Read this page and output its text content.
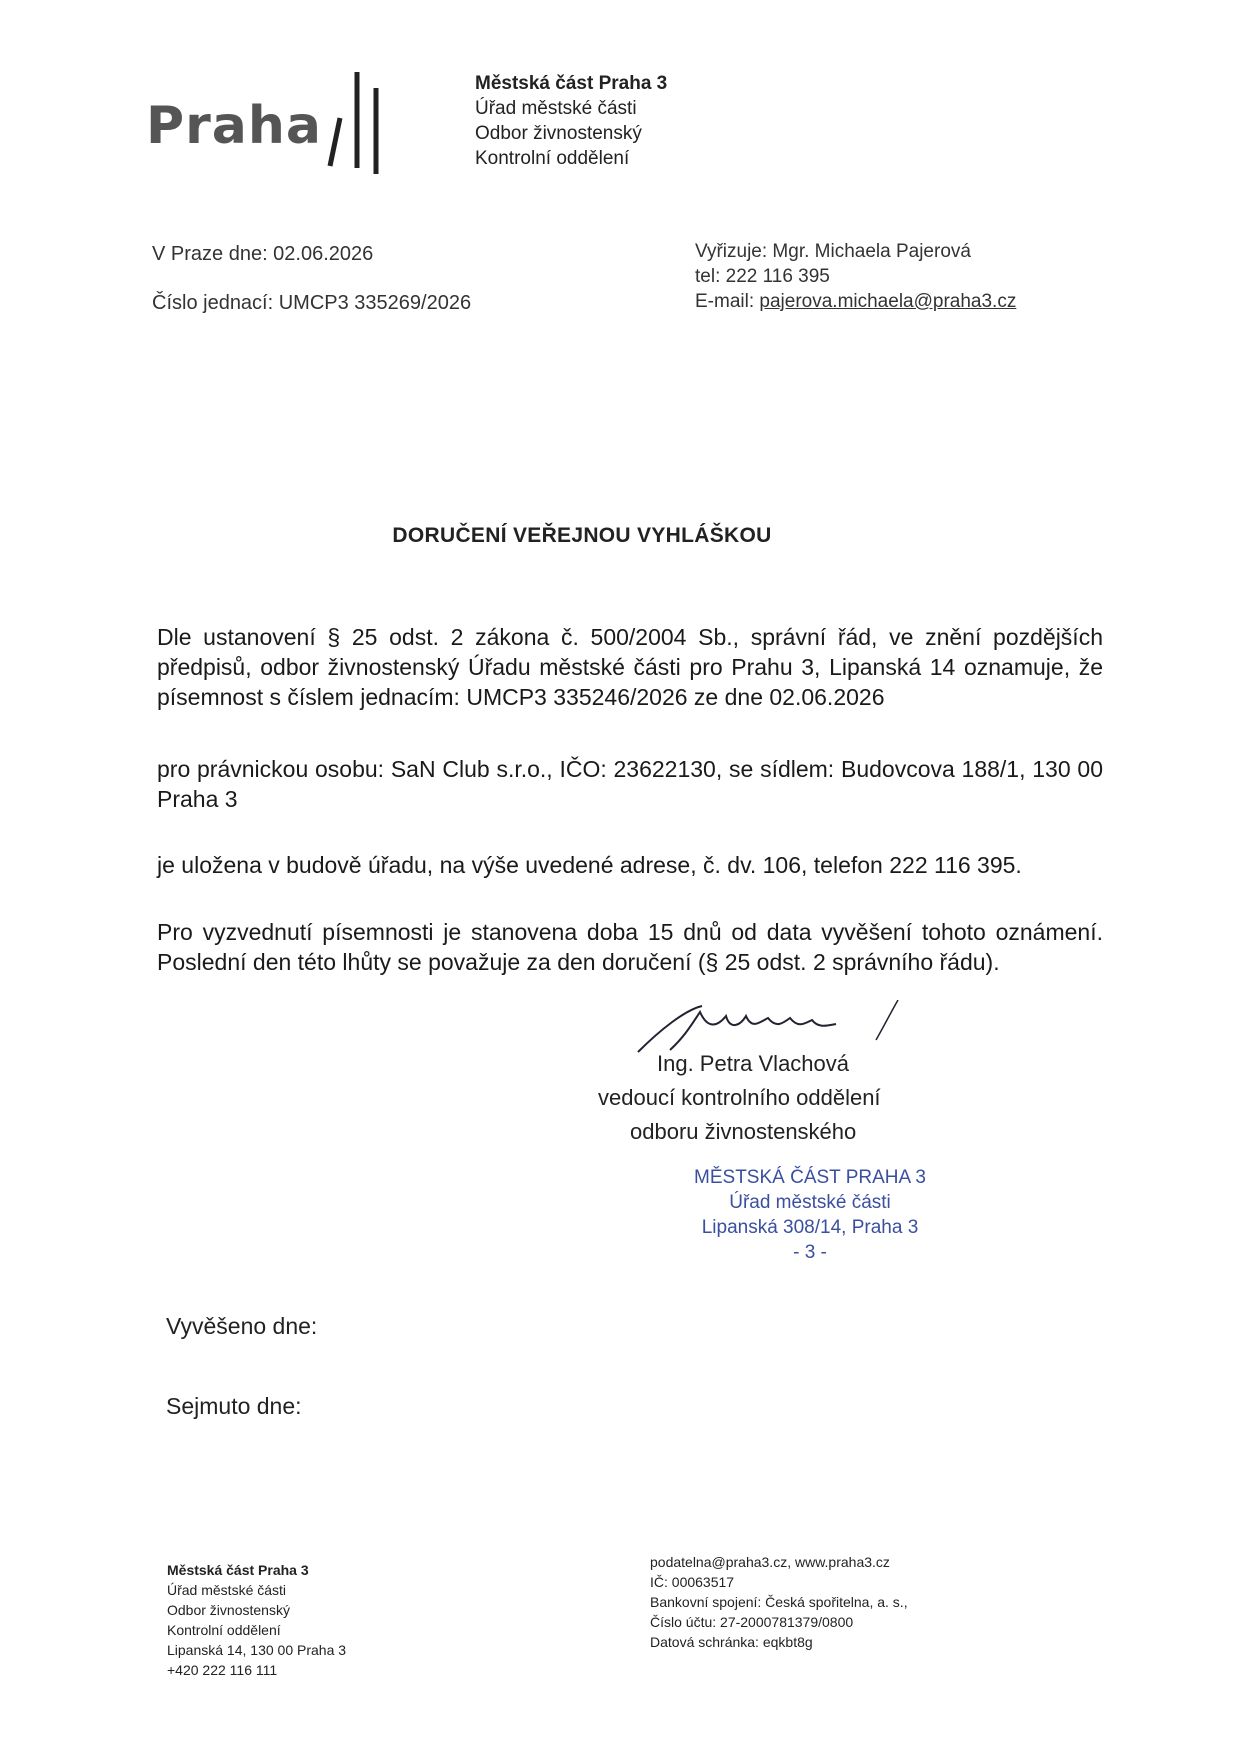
Praha
Městská část Praha 3
Úřad městské části
Odbor živnostenský
Kontrolní oddělení
V Praze dne: 02.06.2026
Číslo jednací: UMCP3 335269/2026
Vyřizuje: Mgr. Michaela Pajerová
tel: 222 116 395
E-mail: pajerova.michaela@praha3.cz
DORUČENÍ VEŘEJNOU VYHLÁŠKOU
Dle ustanovení § 25 odst. 2 zákona č. 500/2004 Sb., správní řád, ve znění pozdějších předpisů, odbor živnostenský Úřadu městské části pro Prahu 3, Lipanská 14 oznamuje, že písemnost s číslem jednacím: UMCP3 335246/2026 ze dne 02.06.2026
pro právnickou osobu: SaN Club s.r.o., IČO: 23622130, se sídlem: Budovcova 188/1, 130 00 Praha 3
je uložena v budově úřadu, na výše uvedené adrese, č. dv. 106, telefon 222 116 395.
Pro vyzvednutí písemnosti je stanovena doba 15 dnů od data vyvěšení tohoto oznámení. Poslední den této lhůty se považuje za den doručení (§ 25 odst. 2 správního řádu).
Ing. Petra Vlachová
vedoucí kontrolního oddělení
odboru živnostenského
MĚSTSKÁ ČÁST PRAHA 3
Úřad městské části
Lipanská 308/14, Praha 3
- 3 -
Vyvěšeno dne:
Sejmuto dne:
Městská část Praha 3
Úřad městské části
Odbor živnostenský
Kontrolní oddělení
Lipanská 14, 130 00 Praha 3
+420 222 116 111
podatelna@praha3.cz, www.praha3.cz
IČ: 00063517
Bankovní spojení: Česká spořitelna, a. s.,
Číslo účtu: 27-2000781379/0800
Datová schránka: eqkbt8g
